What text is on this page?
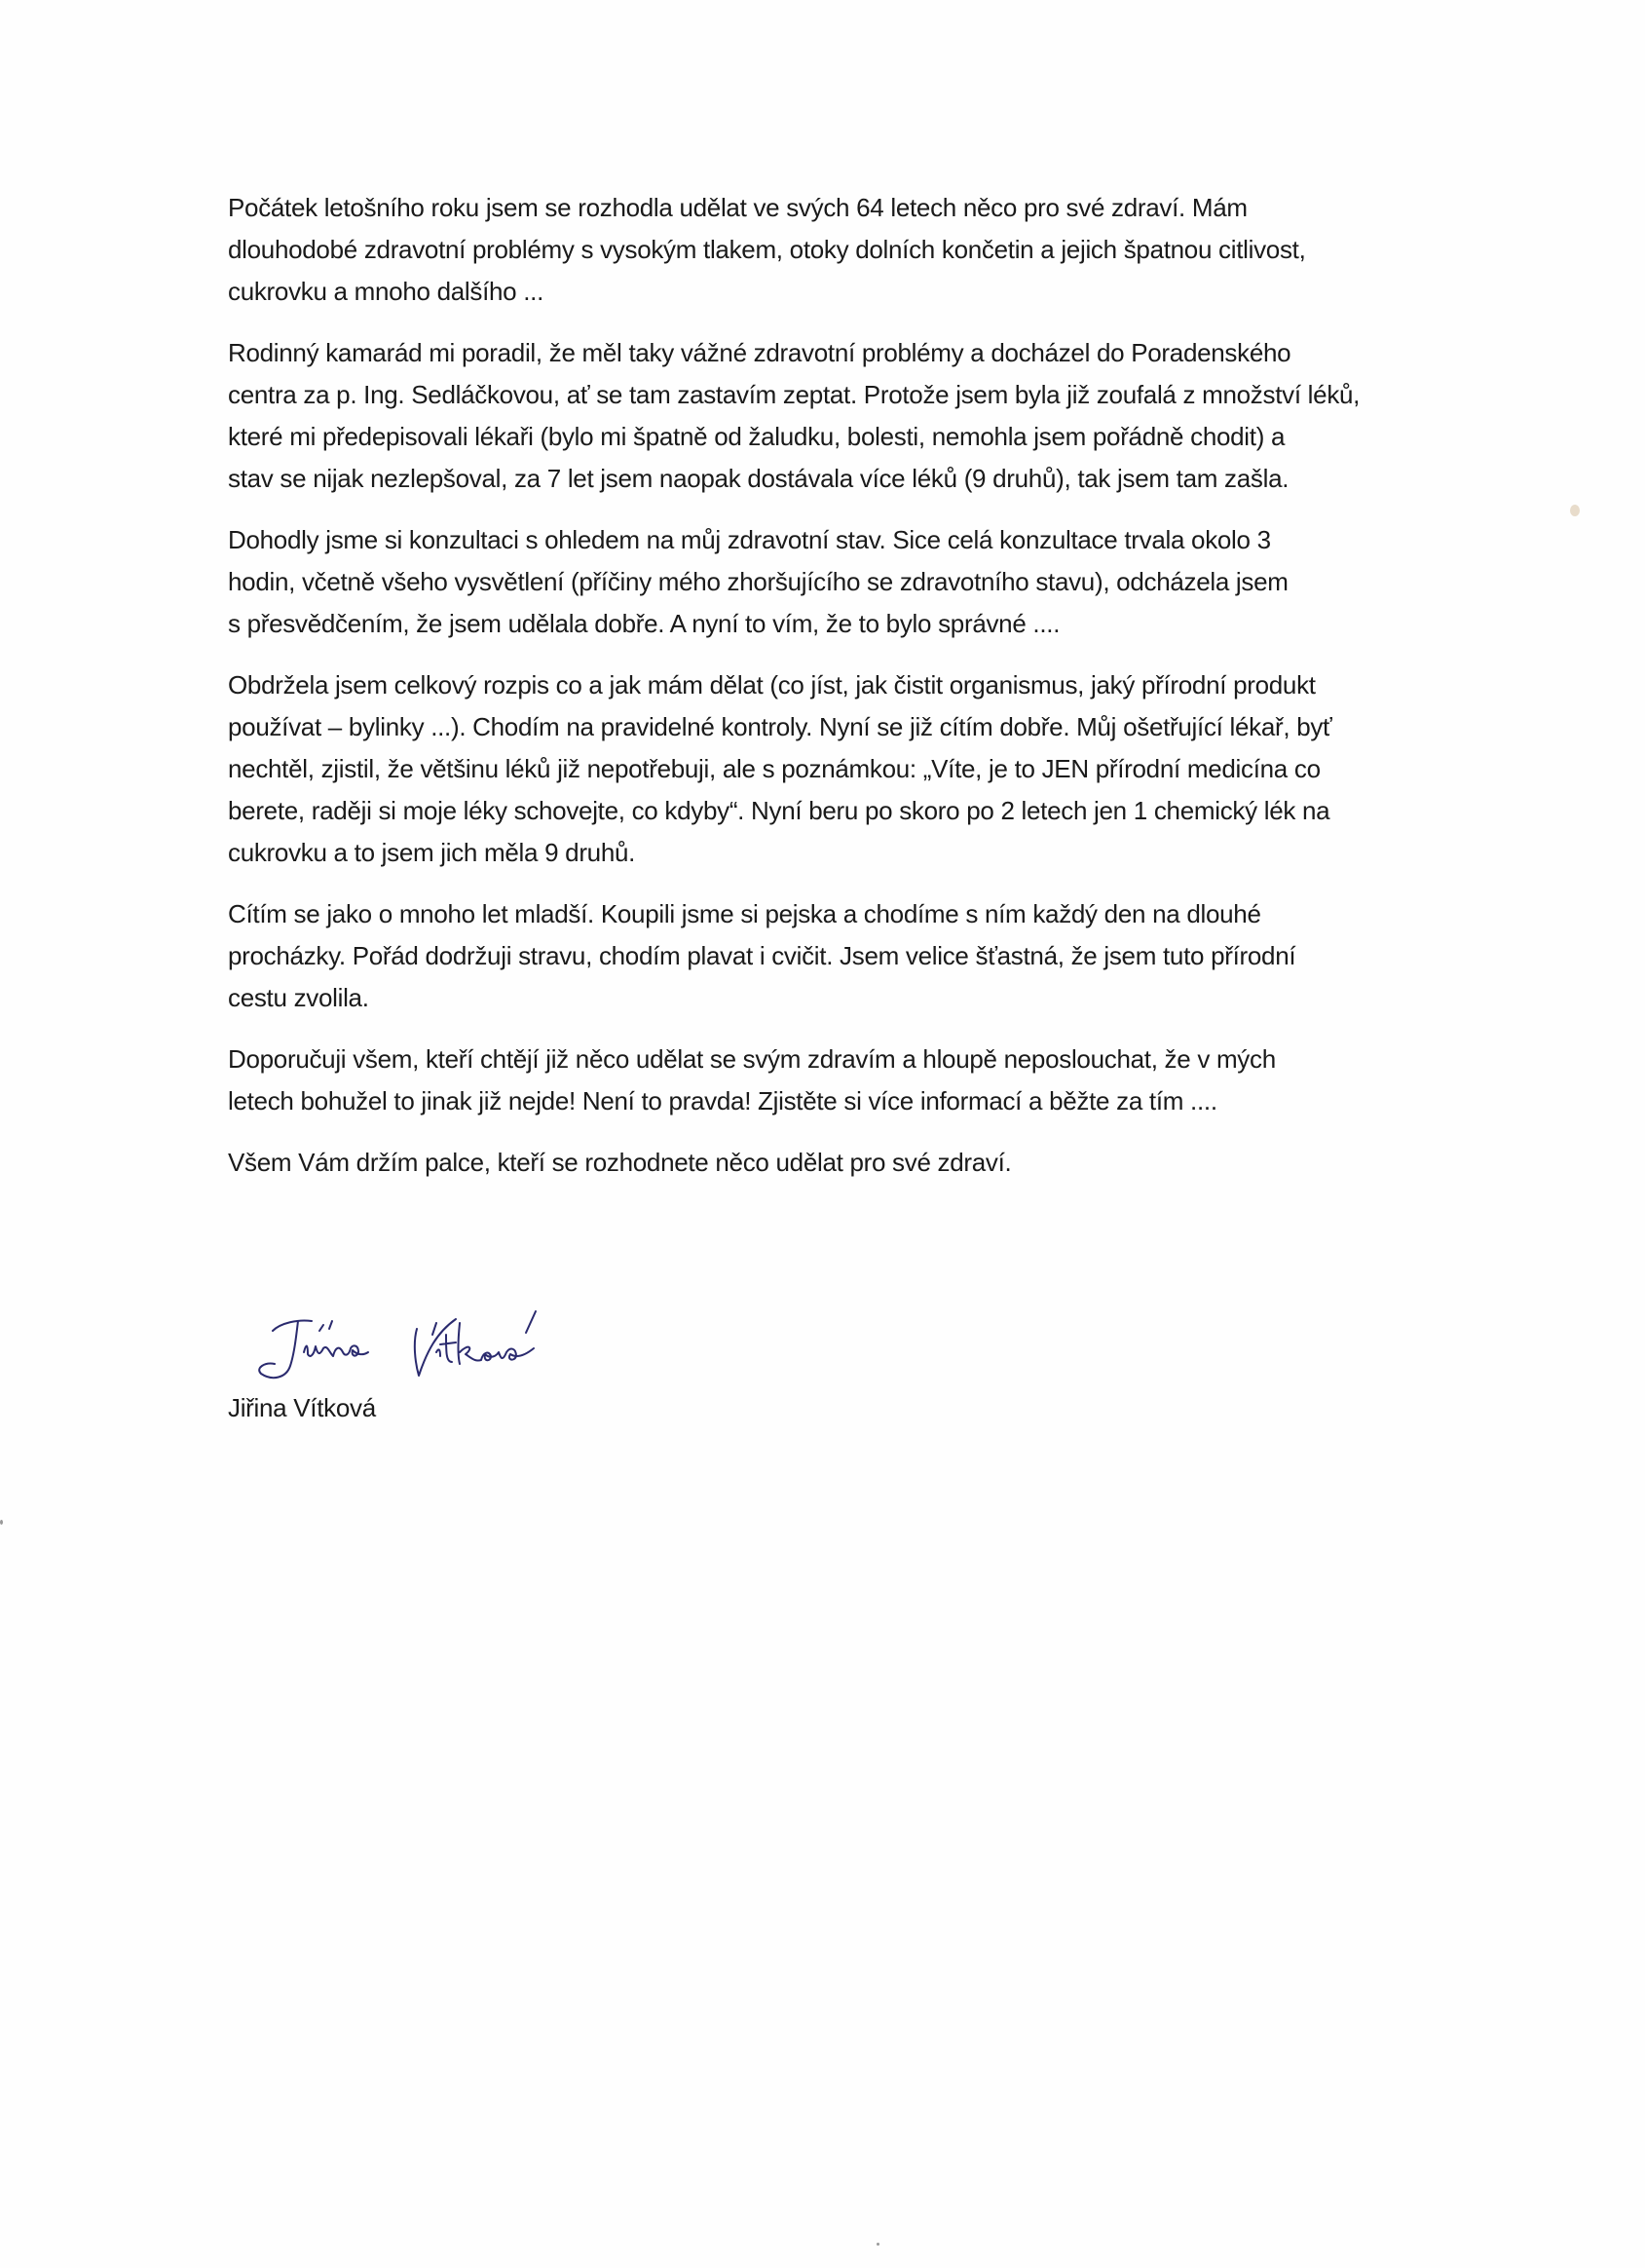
Počátek letošního roku jsem se rozhodla udělat ve svých 64 letech něco pro své zdraví. Mám
dlouhodobé zdravotní problémy s vysokým tlakem, otoky dolních končetin a jejich špatnou citlivost,
cukrovku a mnoho dalšího ...

Rodinný kamarád mi poradil, že měl taky vážné zdravotní problémy a docházel do Poradenského
centra za p. Ing. Sedláčkovou, ať se tam zastavím zeptat. Protože jsem byla již zoufalá z množství léků,
které mi předepisovali lékaři (bylo mi špatně od žaludku, bolesti, nemohla jsem pořádně chodit) a
stav se nijak nezlepšoval, za 7 let jsem naopak dostávala více léků (9 druhů), tak jsem tam zašla.

Dohodly jsme si konzultaci s ohledem na můj zdravotní stav. Sice celá konzultace trvala okolo 3
hodin, včetně všeho vysvětlení (příčiny mého zhoršujícího se zdravotního stavu), odcházela jsem
s přesvědčením, že jsem udělala dobře. A nyní to vím, že to bylo správné ....

Obdržela jsem celkový rozpis co a jak mám dělat (co jíst, jak čistit organismus, jaký přírodní produkt
používat – bylinky ...). Chodím na pravidelné kontroly. Nyní se již cítím dobře. Můj ošetřující lékař, byť
nechtěl, zjistil, že většinu léků již nepotřebuji, ale s poznámkou: „Víte, je to JEN přírodní medicína co
berete, raději si moje léky schovejte, co kdyby“. Nyní beru po skoro po 2 letech jen 1 chemický lék na
cukrovku a to jsem jich měla 9 druhů.

Cítím se jako o mnoho let mladší. Koupili jsme si pejska a chodíme s ním každý den na dlouhé
procházky. Pořád dodržuji stravu, chodím plavat i cvičit. Jsem velice šťastná, že jsem tuto přírodní
cestu zvolila.

Doporučuji všem, kteří chtějí již něco udělat se svým zdravím a hloupě neposlouchat, že v mých
letech bohužel to jinak již nejde! Není to pravda! Zjistěte si více informací a běžte za tím ....

Všem Vám držím palce, kteří se rozhodnete něco udělat pro své zdraví.

Jiřina Vítková
